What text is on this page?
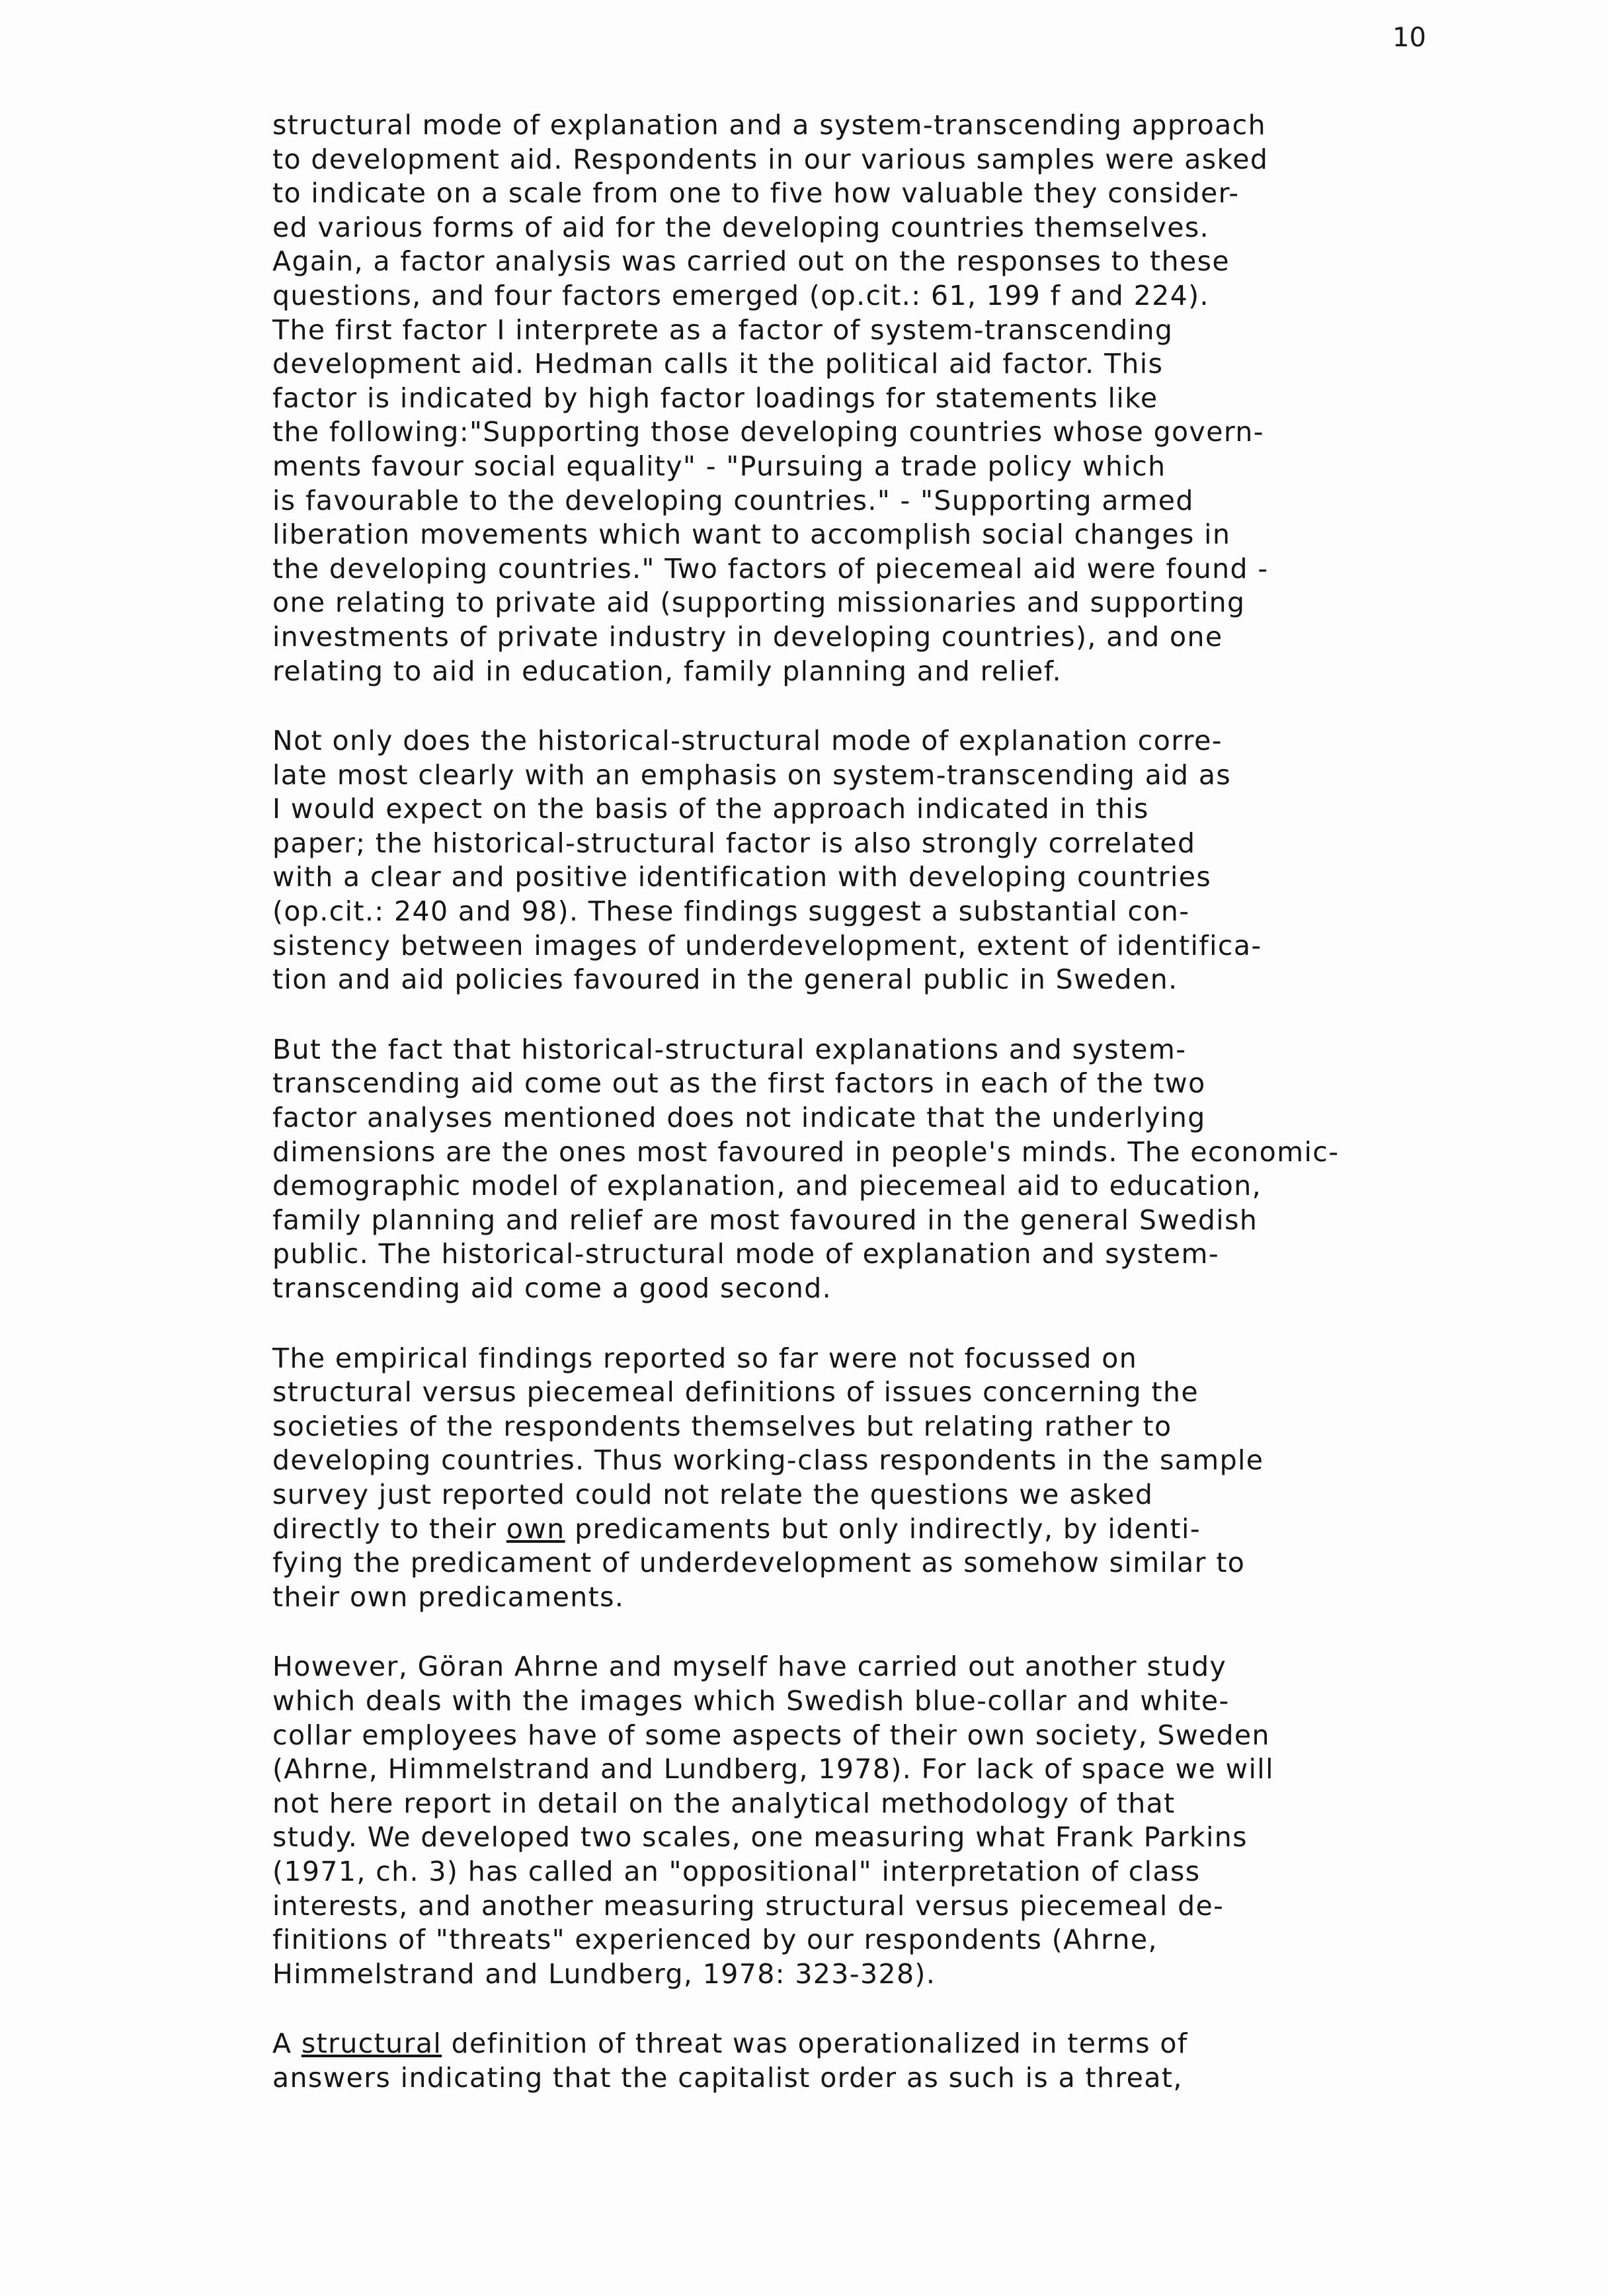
10

structural mode of explanation and a system-transcending approach
to development aid. Respondents in our various samples were asked
to indicate on a scale from one to five how valuable they consider-
ed various forms of aid for the developing countries themselves.
Again, a factor analysis was carried out on the responses to these
questions, and four factors emerged (op.cit.: 61, 199 f and 224).
The first factor I interprete as a factor of system-transcending
development aid. Hedman calls it the political aid factor. This
factor is indicated by high factor loadings for statements like
the following:"Supporting those developing countries whose govern-
ments favour social equality" - "Pursuing a trade policy which
is favourable to the developing countries." - "Supporting armed
liberation movements which want to accomplish social changes in
the developing countries." Two factors of piecemeal aid were found -
one relating to private aid (supporting missionaries and supporting
investments of private industry in developing countries), and one
relating to aid in education, family planning and relief.

Not only does the historical-structural mode of explanation corre-
late most clearly with an emphasis on system-transcending aid as
I would expect on the basis of the approach indicated in this
paper; the historical-structural factor is also strongly correlated
with a clear and positive identification with developing countries
(op.cit.: 240 and 98). These findings suggest a substantial con-
sistency between images of underdevelopment, extent of identifica-
tion and aid policies favoured in the general public in Sweden.

But the fact that historical-structural explanations and system-
transcending aid come out as the first factors in each of the two
factor analyses mentioned does not indicate that the underlying
dimensions are the ones most favoured in people's minds. The economic-
demographic model of explanation, and piecemeal aid to education,
family planning and relief are most favoured in the general Swedish
public. The historical-structural mode of explanation and system-
transcending aid come a good second.

The empirical findings reported so far were not focussed on
structural versus piecemeal definitions of issues concerning the
societies of the respondents themselves but relating rather to
developing countries. Thus working-class respondents in the sample
survey just reported could not relate the questions we asked
directly to their own predicaments but only indirectly, by identi-
fying the predicament of underdevelopment as somehow similar to
their own predicaments.

However, Göran Ahrne and myself have carried out another study
which deals with the images which Swedish blue-collar and white-
collar employees have of some aspects of their own society, Sweden
(Ahrne, Himmelstrand and Lundberg, 1978). For lack of space we will
not here report in detail on the analytical methodology of that
study. We developed two scales, one measuring what Frank Parkins
(1971, ch. 3) has called an "oppositional" interpretation of class
interests, and another measuring structural versus piecemeal de-
finitions of "threats" experienced by our respondents (Ahrne,
Himmelstrand and Lundberg, 1978: 323-328).

A structural definition of threat was operationalized in terms of
answers indicating that the capitalist order as such is a threat,
